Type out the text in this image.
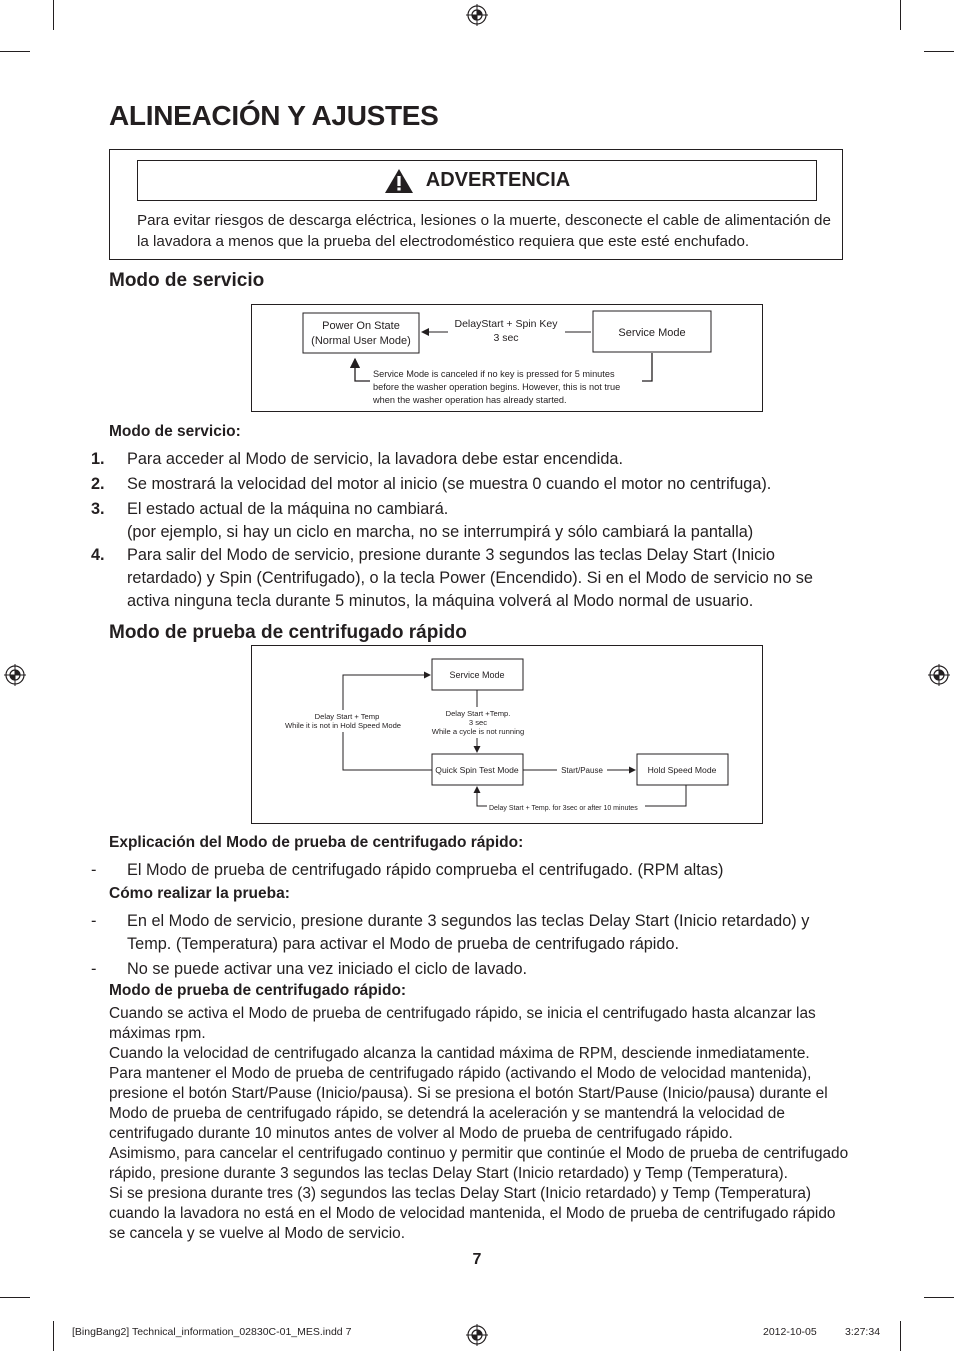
ALINEACIÓN Y AJUSTES
ADVERTENCIA

Para evitar riesgos de descarga eléctrica, lesiones o la muerte, desconecte el cable de alimentación de la lavadora a menos que la prueba del electrodoméstico requiera que este esté enchufado.

Modo de servicio
Power On State
(Normal User Mode)
Service Mode
DelayStart + Spin Key
3 sec
Service Mode is canceled if no key is pressed for 5 minutes
before the washer operation begins. However, this is not true
when the washer operation has already started.

Modo de servicio:

1. Para acceder al Modo de servicio, la lavadora debe estar encendida.
2. Se mostrará la velocidad del motor al inicio (se muestra 0 cuando el motor no centrifuga).
3. El estado actual de la máquina no cambiará.
(por ejemplo, si hay un ciclo en marcha, no se interrumpirá y sólo cambiará la pantalla)
4. Para salir del Modo de servicio, presione durante 3 segundos las teclas Delay Start (Inicio retardado) y Spin (Centrifugado), o la tecla Power (Encendido). Si en el Modo de servicio no se activa ninguna tecla durante 5 minutos, la máquina volverá al Modo normal de usuario.
Modo de prueba de centrifugado rápido
Service Mode
Quick Spin Test Mode	Hold Speed Mode
Delay Start + Temp
While it is not in Hold Speed Mode
Delay Start +Temp.
3 sec
While a cycle is not running
Start/Pause
Delay Start + Temp. for 3sec or after 10 minutes

Explicación del Modo de prueba de centrifugado rápido:

- El Modo de prueba de centrifugado rápido comprueba el centrifugado. (RPM altas)

Cómo realizar la prueba:

- En el Modo de servicio, presione durante 3 segundos las teclas Delay Start (Inicio retardado) y Temp. (Temperatura) para activar el Modo de prueba de centrifugado rápido.
- No se puede activar una vez iniciado el ciclo de lavado.

Modo de prueba de centrifugado rápido:

Cuando se activa el Modo de prueba de centrifugado rápido, se inicia el centrifugado hasta alcanzar las máximas rpm.
Cuando la velocidad de centrifugado alcanza la cantidad máxima de RPM, desciende inmediatamente.
Para mantener el Modo de prueba de centrifugado rápido (activando el Modo de velocidad mantenida), presione el botón Start/Pause (Inicio/pausa). Si se presiona el botón Start/Pause (Inicio/pausa) durante el Modo de prueba de centrifugado rápido, se detendrá la aceleración y se mantendrá la velocidad de centrifugado durante 10 minutos antes de volver al Modo de prueba de centrifugado rápido.
Asimismo, para cancelar el centrifugado continuo y permitir que continúe el Modo de prueba de centrifugado rápido, presione durante 3 segundos las teclas Delay Start (Inicio retardado) y Temp (Temperatura).
Si se presiona durante tres (3) segundos las teclas Delay Start (Inicio retardado) y Temp (Temperatura) cuando la lavadora no está en el Modo de velocidad mantenida, el Modo de prueba de centrifugado rápido se cancela y se vuelve al Modo de servicio.

7

[BingBang2] Technical_information_02830C-01_MES.indd 7	2012-10-05	3:27:34
